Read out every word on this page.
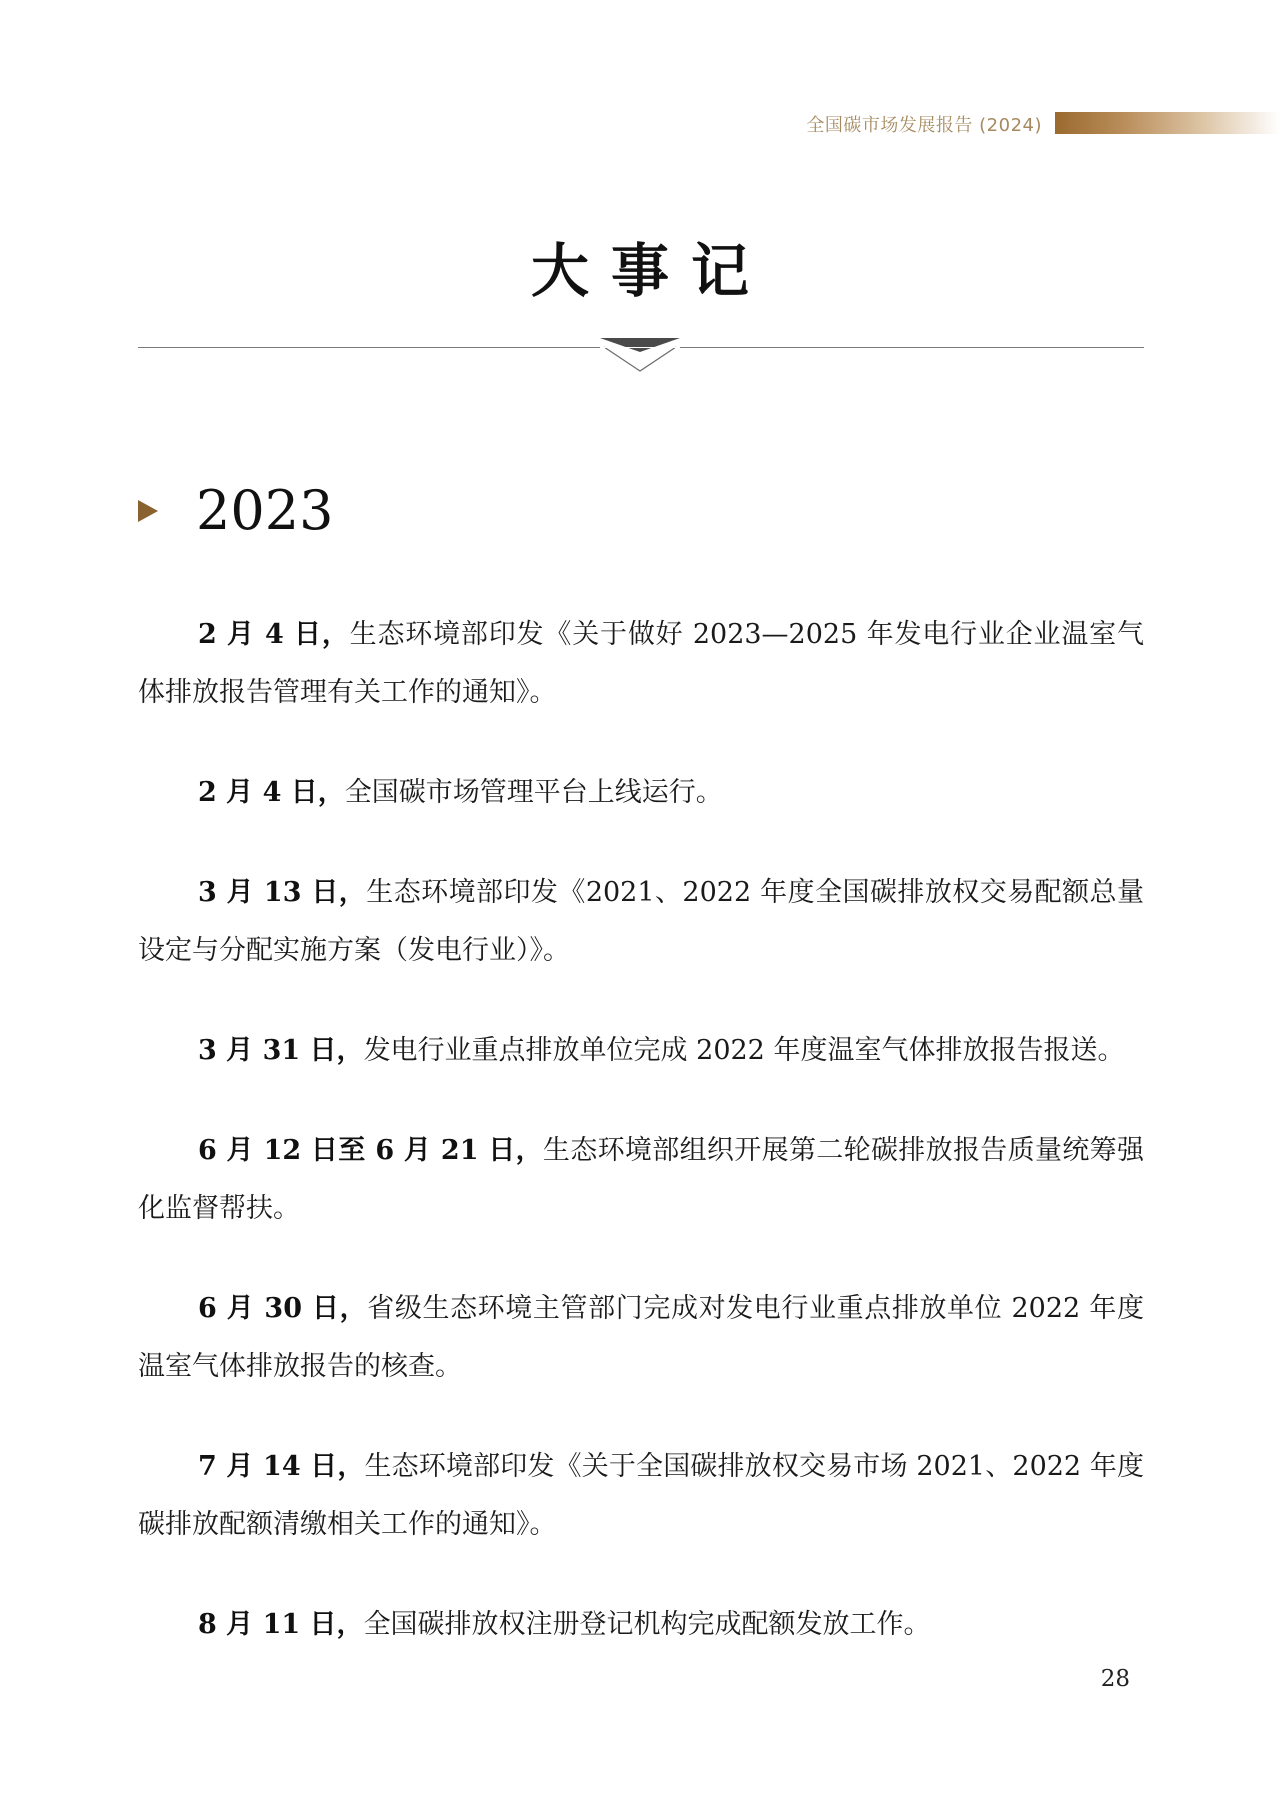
全国碳市场发展报告 (2024)
大事记
2023

2 月 4 日，生态环境部印发《关于做好 2023—2025 年发电行业企业温室气体排放报告管理有关工作的通知》。

2 月 4 日，全国碳市场管理平台上线运行。

3 月 13 日，生态环境部印发《2021、2022 年度全国碳排放权交易配额总量设定与分配实施方案（发电行业）》。

3 月 31 日，发电行业重点排放单位完成 2022 年度温室气体排放报告报送。

6 月 12 日至 6 月 21 日，生态环境部组织开展第二轮碳排放报告质量统筹强化监督帮扶。

6 月 30 日，省级生态环境主管部门完成对发电行业重点排放单位 2022 年度温室气体排放报告的核查。

7 月 14 日，生态环境部印发《关于全国碳排放权交易市场 2021、2022 年度碳排放配额清缴相关工作的通知》。

8 月 11 日，全国碳排放权注册登记机构完成配额发放工作。

28
